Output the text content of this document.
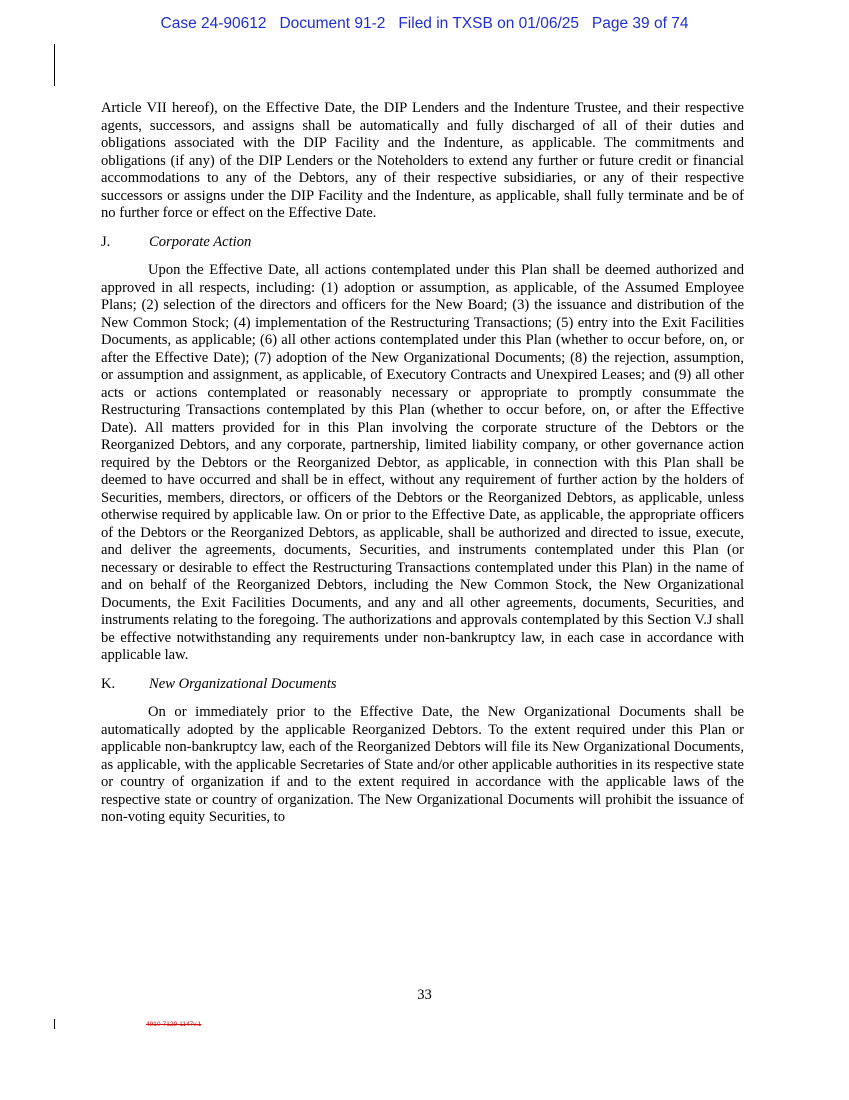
Case 24-90612   Document 91-2   Filed in TXSB on 01/06/25   Page 39 of 74

Article VII hereof), on the Effective Date, the DIP Lenders and the Indenture Trustee, and their respective agents, successors, and assigns shall be automatically and fully discharged of all of their duties and obligations associated with the DIP Facility and the Indenture, as applicable. The commitments and obligations (if any) of the DIP Lenders or the Noteholders to extend any further or future credit or financial accommodations to any of the Debtors, any of their respective subsidiaries, or any of their respective successors or assigns under the DIP Facility and the Indenture, as applicable, shall fully terminate and be of no further force or effect on the Effective Date.

J.	Corporate Action

Upon the Effective Date, all actions contemplated under this Plan shall be deemed authorized and approved in all respects, including: (1) adoption or assumption, as applicable, of the Assumed Employee Plans; (2) selection of the directors and officers for the New Board; (3) the issuance and distribution of the New Common Stock; (4) implementation of the Restructuring Transactions; (5) entry into the Exit Facilities Documents, as applicable; (6) all other actions contemplated under this Plan (whether to occur before, on, or after the Effective Date); (7) adoption of the New Organizational Documents; (8) the rejection, assumption, or assumption and assignment, as applicable, of Executory Contracts and Unexpired Leases; and (9) all other acts or actions contemplated or reasonably necessary or appropriate to promptly consummate the Restructuring Transactions contemplated by this Plan (whether to occur before, on, or after the Effective Date). All matters provided for in this Plan involving the corporate structure of the Debtors or the Reorganized Debtors, and any corporate, partnership, limited liability company, or other governance action required by the Debtors or the Reorganized Debtor, as applicable, in connection with this Plan shall be deemed to have occurred and shall be in effect, without any requirement of further action by the holders of Securities, members, directors, or officers of the Debtors or the Reorganized Debtors, as applicable, unless otherwise required by applicable law. On or prior to the Effective Date, as applicable, the appropriate officers of the Debtors or the Reorganized Debtors, as applicable, shall be authorized and directed to issue, execute, and deliver the agreements, documents, Securities, and instruments contemplated under this Plan (or necessary or desirable to effect the Restructuring Transactions contemplated under this Plan) in the name of and on behalf of the Reorganized Debtors, including the New Common Stock, the New Organizational Documents, the Exit Facilities Documents, and any and all other agreements, documents, Securities, and instruments relating to the foregoing. The authorizations and approvals contemplated by this Section V.J shall be effective notwithstanding any requirements under non-bankruptcy law, in each case in accordance with applicable law.

K.	New Organizational Documents

On or immediately prior to the Effective Date, the New Organizational Documents shall be automatically adopted by the applicable Reorganized Debtors. To the extent required under this Plan or applicable non-bankruptcy law, each of the Reorganized Debtors will file its New Organizational Documents, as applicable, with the applicable Secretaries of State and/or other applicable authorities in its respective state or country of organization if and to the extent required in accordance with the applicable laws of the respective state or country of organization. The New Organizational Documents will prohibit the issuance of non-voting equity Securities, to

33
4910-7129-1147v.1
